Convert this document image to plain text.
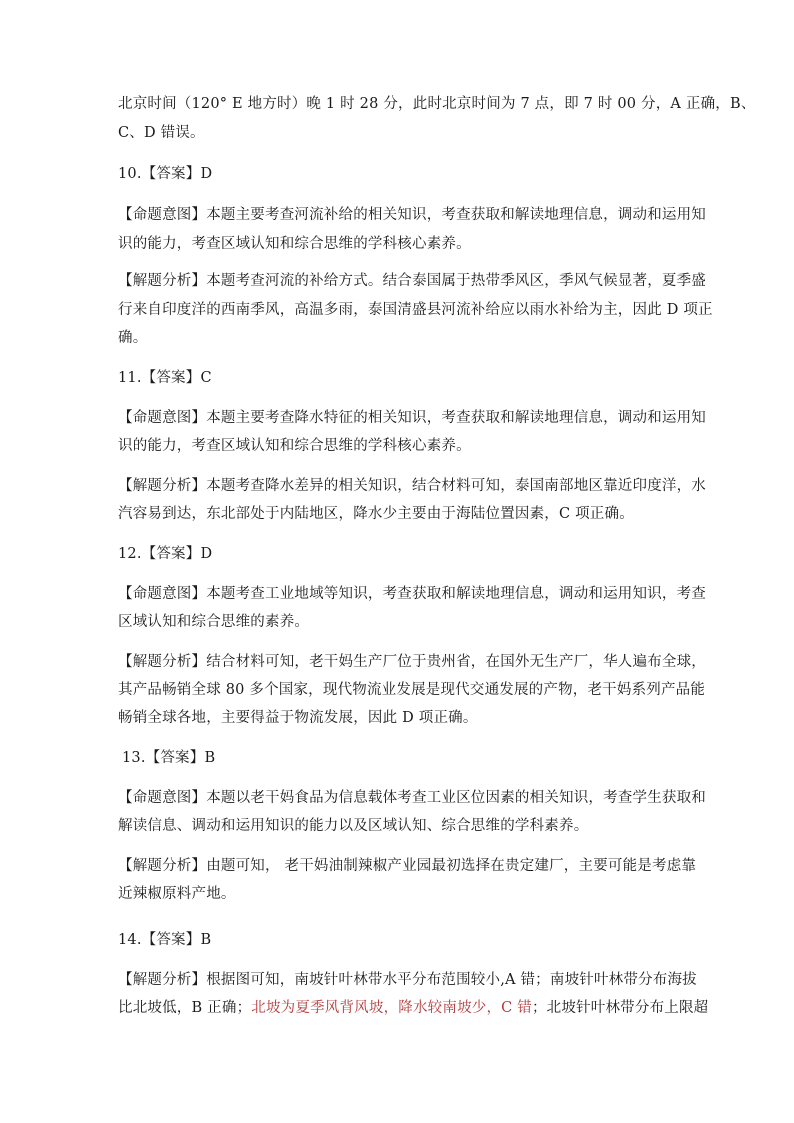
北京时间（120° E 地方时）晚 1 时 28 分，此时北京时间为 7 点，即 7 时 00 分，A 正确，B、
C、D 错误。
10.【答案】D
【命题意图】本题主要考查河流补给的相关知识，考查获取和解读地理信息，调动和运用知
识的能力，考查区域认知和综合思维的学科核心素养。
【解题分析】本题考查河流的补给方式。结合泰国属于热带季风区，季风气候显著，夏季盛
行来自印度洋的西南季风，高温多雨，泰国清盛县河流补给应以雨水补给为主，因此 D 项正
确。
11.【答案】C
【命题意图】本题主要考查降水特征的相关知识，考查获取和解读地理信息，调动和运用知
识的能力，考查区域认知和综合思维的学科核心素养。
【解题分析】本题考查降水差异的相关知识，结合材料可知，泰国南部地区靠近印度洋，水
汽容易到达，东北部处于内陆地区，降水少主要由于海陆位置因素，C 项正确。
12.【答案】D
【命题意图】本题考查工业地域等知识，考查获取和解读地理信息，调动和运用知识，考查
区域认知和综合思维的素养。
【解题分析】结合材料可知，老干妈生产厂位于贵州省，在国外无生产厂，华人遍布全球，
其产品畅销全球 80 多个国家，现代物流业发展是现代交通发展的产物，老干妈系列产品能
畅销全球各地，主要得益于物流发展，因此 D 项正确。
13.【答案】B
【命题意图】本题以老干妈食品为信息载体考查工业区位因素的相关知识，考查学生获取和
解读信息、调动和运用知识的能力以及区域认知、综合思维的学科素养。
【解题分析】由题可知， 老干妈油制辣椒产业园最初选择在贵定建厂，主要可能是考虑靠
近辣椒原料产地。
14.【答案】B
【解题分析】根据图可知，南坡针叶林带水平分布范围较小,A 错；南坡针叶林带分布海拔
比北坡低，B 正确；北坡为夏季风背风坡，降水较南坡少，C 错；北坡针叶林带分布上限超
